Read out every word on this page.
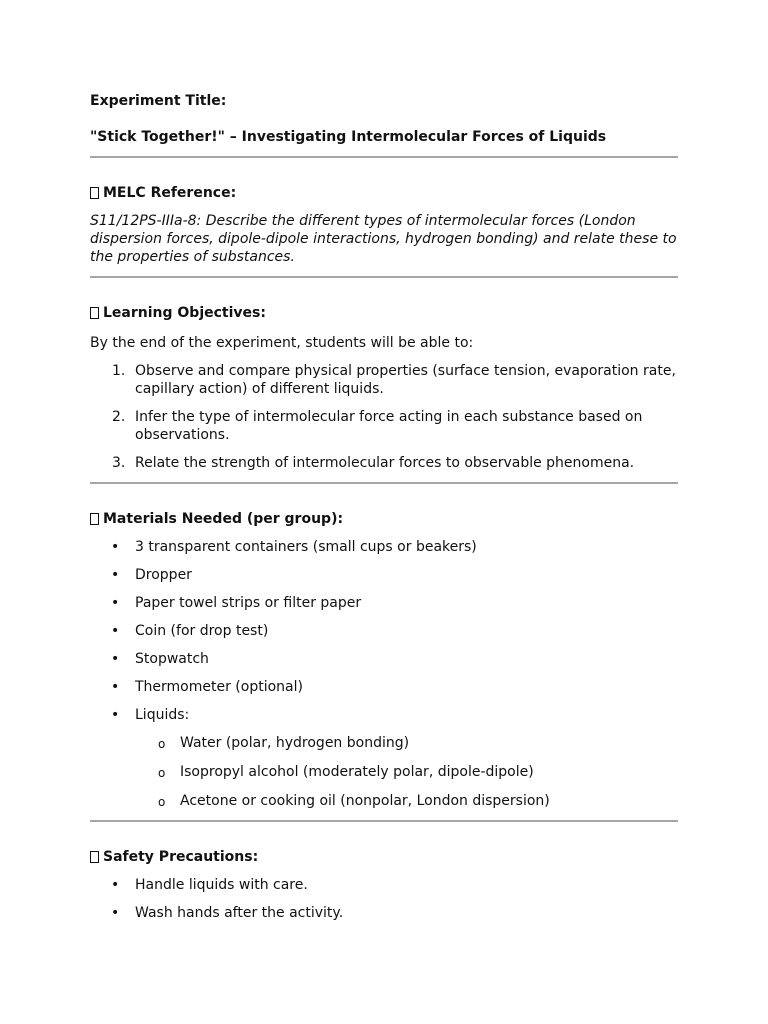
Experiment Title:

"Stick Together!" – Investigating Intermolecular Forces of Liquids

MELC Reference:

S11/12PS-IIIa-8: Describe the different types of intermolecular forces (London dispersion forces, dipole-dipole interactions, hydrogen bonding) and relate these to the properties of substances.

Learning Objectives:

By the end of the experiment, students will be able to:

1. Observe and compare physical properties (surface tension, evaporation rate, capillary action) of different liquids.
2. Infer the type of intermolecular force acting in each substance based on observations.
3. Relate the strength of intermolecular forces to observable phenomena.

Materials Needed (per group):

• 3 transparent containers (small cups or beakers)
• Dropper
• Paper towel strips or filter paper
• Coin (for drop test)
• Stopwatch
• Thermometer (optional)
• Liquids:
o Water (polar, hydrogen bonding)
o Isopropyl alcohol (moderately polar, dipole-dipole)
o Acetone or cooking oil (nonpolar, London dispersion)

Safety Precautions:

• Handle liquids with care.
• Wash hands after the activity.
